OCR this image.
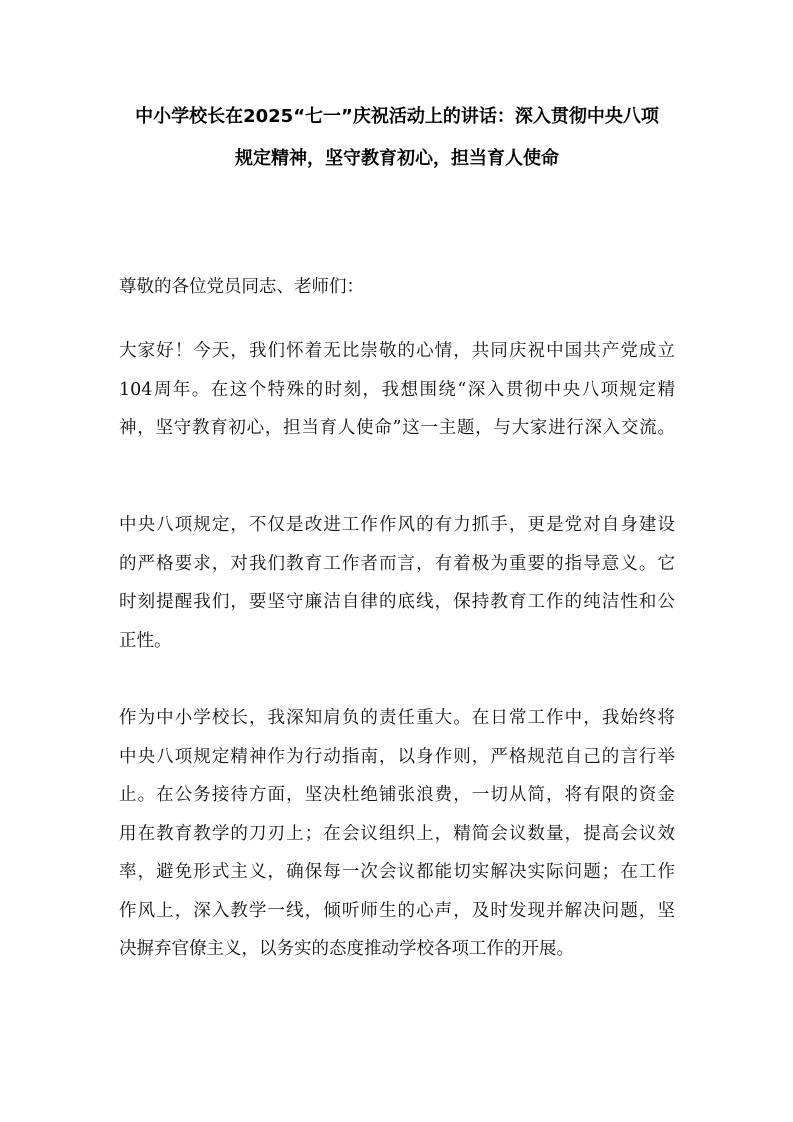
中小学校长在2025“七一”庆祝活动上的讲话：深入贯彻中央八项
规定精神，坚守教育初心，担当育人使命

尊敬的各位党员同志、老师们：

大家好！今天，我们怀着无比崇敬的心情，共同庆祝中国共产党成立
104周年。在这个特殊的时刻，我想围绕“深入贯彻中央八项规定精
神，坚守教育初心，担当育人使命”这一主题，与大家进行深入交流。
中央八项规定，不仅是改进工作作风的有力抓手，更是党对自身建设
的严格要求，对我们教育工作者而言，有着极为重要的指导意义。它
时刻提醒我们，要坚守廉洁自律的底线，保持教育工作的纯洁性和公
正性。
作为中小学校长，我深知肩负的责任重大。在日常工作中，我始终将
中央八项规定精神作为行动指南，以身作则，严格规范自己的言行举
止。在公务接待方面，坚决杜绝铺张浪费，一切从简，将有限的资金
用在教育教学的刀刃上；在会议组织上，精简会议数量，提高会议效
率，避免形式主义，确保每一次会议都能切实解决实际问题；在工作
作风上，深入教学一线，倾听师生的心声，及时发现并解决问题，坚
决摒弃官僚主义，以务实的态度推动学校各项工作的开展。
